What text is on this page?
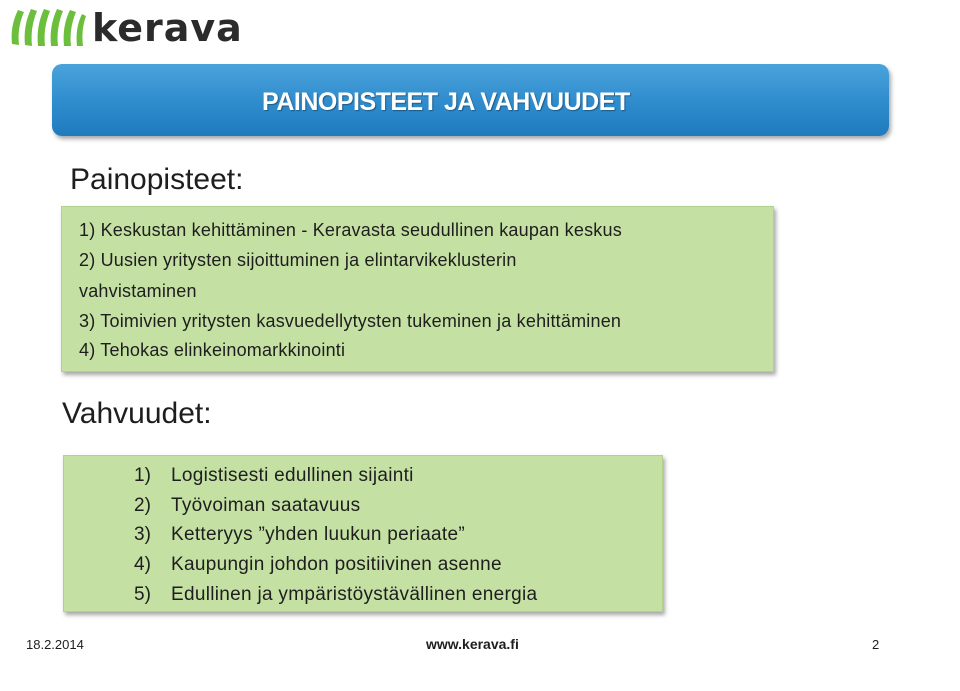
kerava
PAINOPISTEET JA VAHVUUDET
Painopisteet:
1) Keskustan kehittäminen - Keravasta seudullinen kaupan keskus
2) Uusien yritysten sijoittuminen ja elintarvikeklusterin
vahvistaminen
3) Toimivien yritysten kasvuedellytysten tukeminen ja kehittäminen
4) Tehokas elinkeinomarkkinointi
Vahvuudet:
1) Logistisesti edullinen sijainti
2) Työvoiman saatavuus
3) Ketteryys ”yhden luukun periaate”
4) Kaupungin johdon positiivinen asenne
5) Edullinen ja ympäristöystävällinen energia
18.2.2014	www.kerava.fi	2
